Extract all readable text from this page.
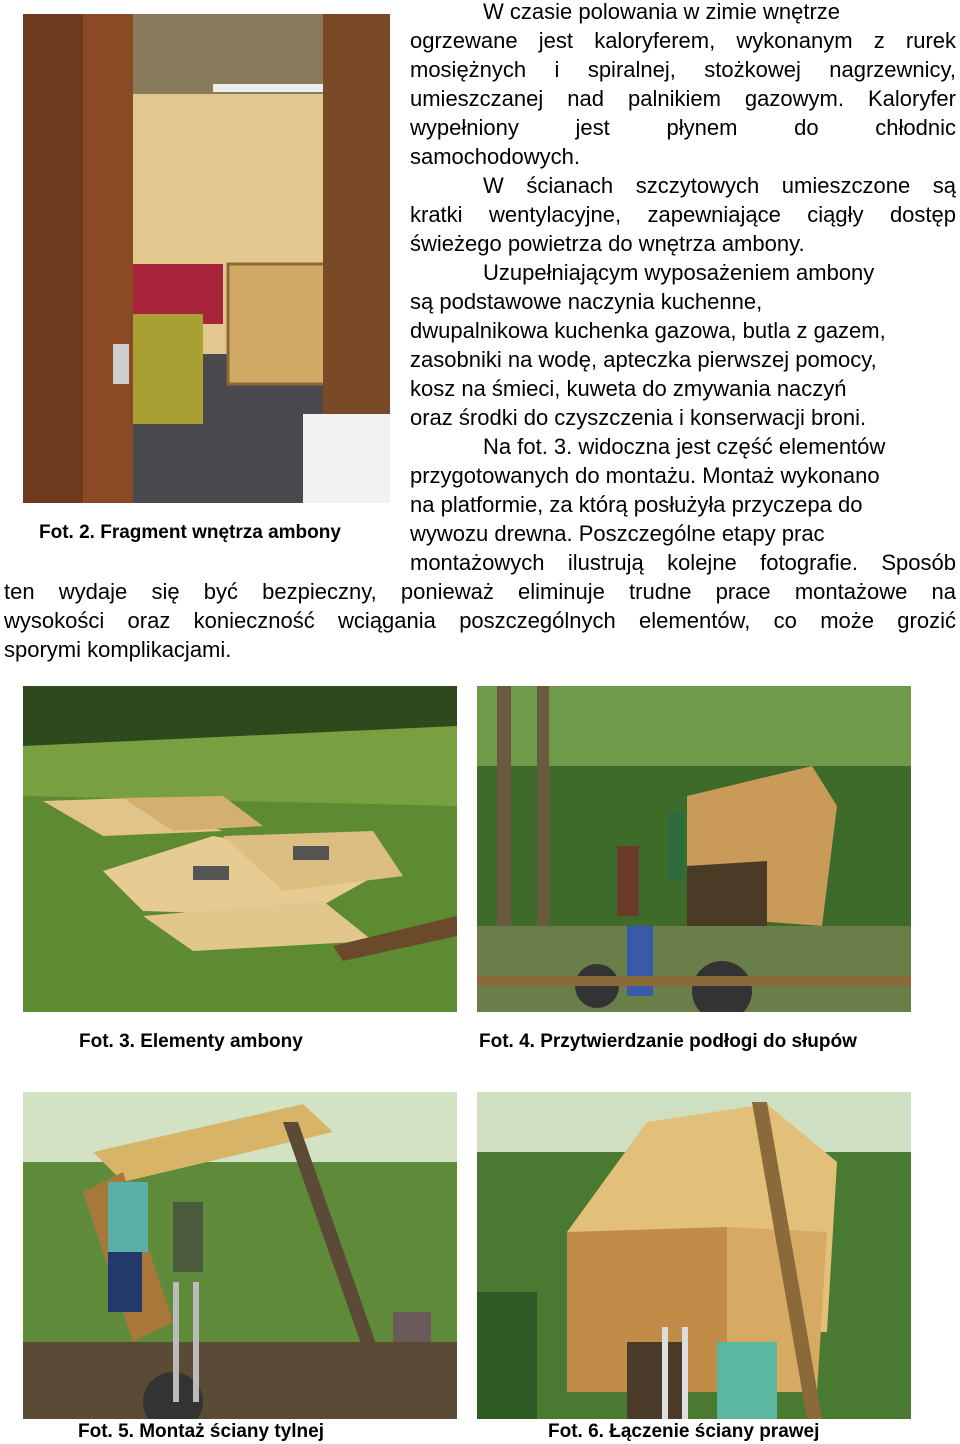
Fot. 2. Fragment wnętrza ambony
W czasie polowania w zimie wnętrze
ogrzewane jest kaloryferem, wykonanym z rurek
mosiężnych i spiralnej, stożkowej nagrzewnicy,
umieszczanej nad palnikiem gazowym. Kaloryfer
wypełniony jest płynem do chłodnic
samochodowych.
W ścianach szczytowych umieszczone są
kratki wentylacyjne, zapewniające ciągły dostęp
świeżego powietrza do wnętrza ambony.
Uzupełniającym wyposażeniem ambony
są podstawowe naczynia kuchenne,
dwupalnikowa kuchenka gazowa, butla z gazem,
zasobniki na wodę, apteczka pierwszej pomocy,
kosz na śmieci, kuweta do zmywania naczyń
oraz środki do czyszczenia i konserwacji broni.
Na fot. 3. widoczna jest część elementów
przygotowanych do montażu. Montaż wykonano
na platformie, za którą posłużyła przyczepa do
wywozu drewna. Poszczególne etapy prac
montażowych ilustrują kolejne fotografie. Sposób
ten wydaje się być bezpieczny, ponieważ eliminuje trudne prace montażowe na
wysokości oraz konieczność wciągania poszczególnych elementów, co może grozić
sporymi komplikacjami.
Fot. 3. Elementy ambony	Fot. 4. Przytwierdzanie podłogi do słupów
Fot. 5. Montaż ściany tylnej	Fot. 6. Łączenie ściany prawej
